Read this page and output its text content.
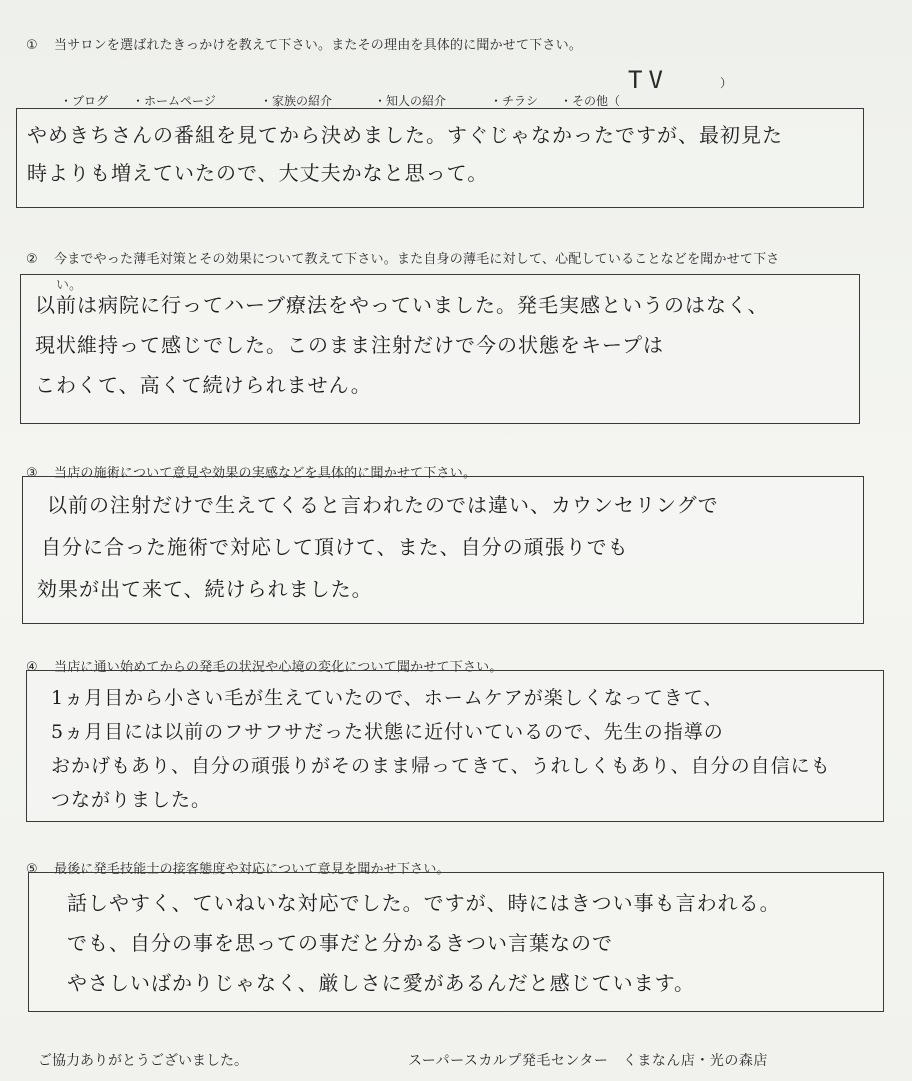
① 当サロンを選ばれたきっかけを教えて下さい。またその理由を具体的に聞かせて下さい。
・ブログ ・ホームページ	・家族の紹介	・知人の紹介	・チラシ ・その他（
）
TV
やめきちさんの番組を見てから決めました。すぐじゃなかったですが、最初見た
時よりも増えていたので、大丈夫かなと思って。
② 今までやった薄毛対策とその効果について教えて下さい。また自身の薄毛に対して、心配していることなどを聞かせて下さ
い。
以前は病院に行ってハーブ療法をやっていました。発毛実感というのはなく、
現状維持って感じでした。このまま注射だけで今の状態をキープは
こわくて、高くて続けられません。
③ 当店の施術について意見や効果の実感などを具体的に聞かせて下さい。
以前の注射だけで生えてくると言われたのでは違い、カウンセリングで
自分に合った施術で対応して頂けて、また、自分の頑張りでも
効果が出て来て、続けられました。
④ 当店に通い始めてからの発毛の状況や心境の変化について聞かせて下さい。
1ヵ月目から小さい毛が生えていたので、ホームケアが楽しくなってきて、
5ヵ月目には以前のフサフサだった状態に近付いているので、先生の指導の
おかげもあり、自分の頑張りがそのまま帰ってきて、うれしくもあり、自分の自信にも
つながりました。
⑤ 最後に発毛技能士の接客態度や対応について意見を聞かせ下さい。
話しやすく、ていねいな対応でした。ですが、時にはきつい事も言われる。
でも、自分の事を思っての事だと分かるきつい言葉なので
やさしいばかりじゃなく、厳しさに愛があるんだと感じています。
ご協力ありがとうございました。	スーパースカルプ発毛センター　くまなん店・光の森店
